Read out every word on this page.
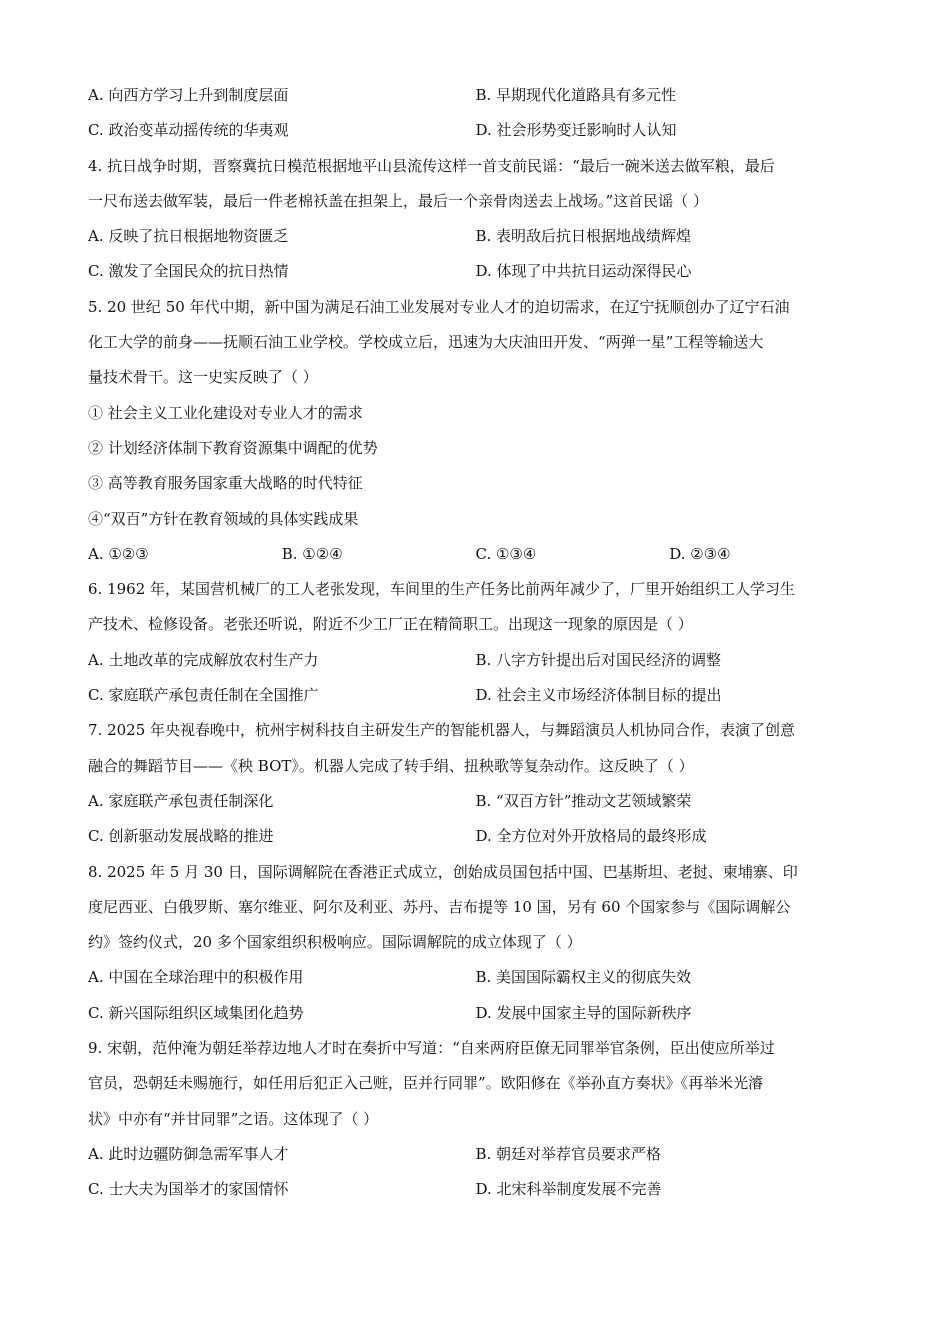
A. 向西方学习上升到制度层面	B. 早期现代化道路具有多元性
C. 政治变革动摇传统的华夷观	D. 社会形势变迁影响时人认知
4. 抗日战争时期，晋察冀抗日模范根据地平山县流传这样一首支前民谣：“最后一碗米送去做军粮，最后
一尺布送去做军装，最后一件老棉袄盖在担架上，最后一个亲骨肉送去上战场。”这首民谣（ ）
A. 反映了抗日根据地物资匮乏	B. 表明敌后抗日根据地战绩辉煌
C. 激发了全国民众的抗日热情	D. 体现了中共抗日运动深得民心
5. 20 世纪 50 年代中期，新中国为满足石油工业发展对专业人才的迫切需求，在辽宁抚顺创办了辽宁石油
化工大学的前身——抚顺石油工业学校。学校成立后，迅速为大庆油田开发、“两弹一星”工程等输送大
量技术骨干。这一史实反映了（ ）
① 社会主义工业化建设对专业人才的需求
② 计划经济体制下教育资源集中调配的优势
③ 高等教育服务国家重大战略的时代特征
④“双百”方针在教育领域的具体实践成果
A. ①②③	B. ①②④	C. ①③④	D. ②③④
6. 1962 年，某国营机械厂的工人老张发现，车间里的生产任务比前两年减少了，厂里开始组织工人学习生
产技术、检修设备。老张还听说，附近不少工厂正在精简职工。出现这一现象的原因是（ ）
A. 土地改革的完成解放农村生产力	B. 八字方针提出后对国民经济的调整
C. 家庭联产承包责任制在全国推广	D. 社会主义市场经济体制目标的提出
7. 2025 年央视春晚中，杭州宇树科技自主研发生产的智能机器人，与舞蹈演员人机协同合作，表演了创意
融合的舞蹈节目——《秧 BOT》。机器人完成了转手绢、扭秧歌等复杂动作。这反映了（ ）
A. 家庭联产承包责任制深化	B. “双百方针”推动文艺领域繁荣
C. 创新驱动发展战略的推进	D. 全方位对外开放格局的最终形成
8. 2025 年 5 月 30 日，国际调解院在香港正式成立，创始成员国包括中国、巴基斯坦、老挝、柬埔寨、印
度尼西亚、白俄罗斯、塞尔维亚、阿尔及利亚、苏丹、吉布提等 10 国，另有 60 个国家参与《国际调解公
约》签约仪式，20 多个国家组织积极响应。国际调解院的成立体现了（ ）
A. 中国在全球治理中的积极作用	B. 美国国际霸权主义的彻底失效
C. 新兴国际组织区域集团化趋势	D. 发展中国家主导的国际新秩序
9. 宋朝，范仲淹为朝廷举荐边地人才时在奏折中写道：“自来两府臣僚无同罪举官条例，臣出使应所举过
官员，恐朝廷未赐施行，如任用后犯正入己赃，臣并行同罪”。欧阳修在《举孙直方奏状》《再举米光濬
状》中亦有“并甘同罪”之语。这体现了（ ）
A. 此时边疆防御急需军事人才	B. 朝廷对举荐官员要求严格
C. 士大夫为国举才的家国情怀	D. 北宋科举制度发展不完善
